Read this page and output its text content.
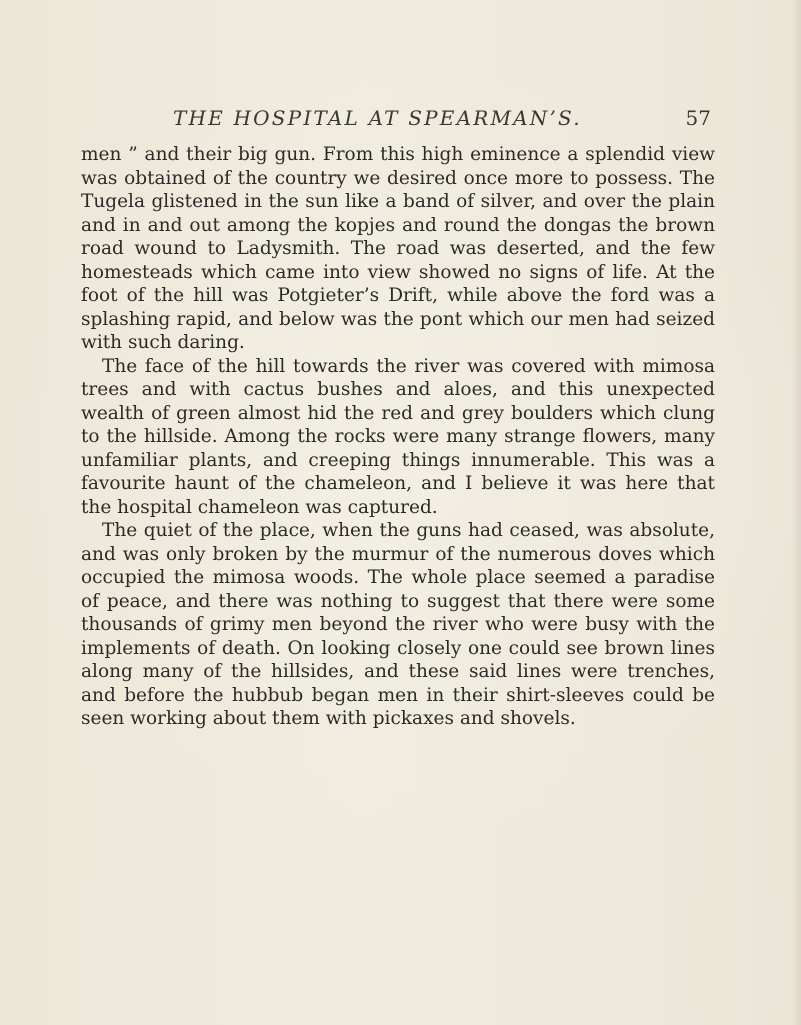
THE HOSPITAL AT SPEARMAN’S.	57

men ” and their big gun. From this high eminence a splendid view was obtained of the country we desired once more to possess. The Tugela glistened in the sun like a band of silver, and over the plain and in and out among the kopjes and round the dongas the brown road wound to Ladysmith. The road was deserted, and the few homesteads which came into view showed no signs of life. At the foot of the hill was Potgieter’s Drift, while above the ford was a splashing rapid, and below was the pont which our men had seized with such daring.

The face of the hill towards the river was covered with mimosa trees and with cactus bushes and aloes, and this unexpected wealth of green almost hid the red and grey boulders which clung to the hillside. Among the rocks were many strange flowers, many unfamiliar plants, and creeping things innumerable. This was a favourite haunt of the chameleon, and I believe it was here that the hospital chameleon was captured.

The quiet of the place, when the guns had ceased, was absolute, and was only broken by the murmur of the numerous doves which occupied the mimosa woods. The whole place seemed a paradise of peace, and there was nothing to suggest that there were some thousands of grimy men beyond the river who were busy with the implements of death. On looking closely one could see brown lines along many of the hillsides, and these said lines were trenches, and before the hubbub began men in their shirt-sleeves could be seen working about them with pickaxes and shovels.
